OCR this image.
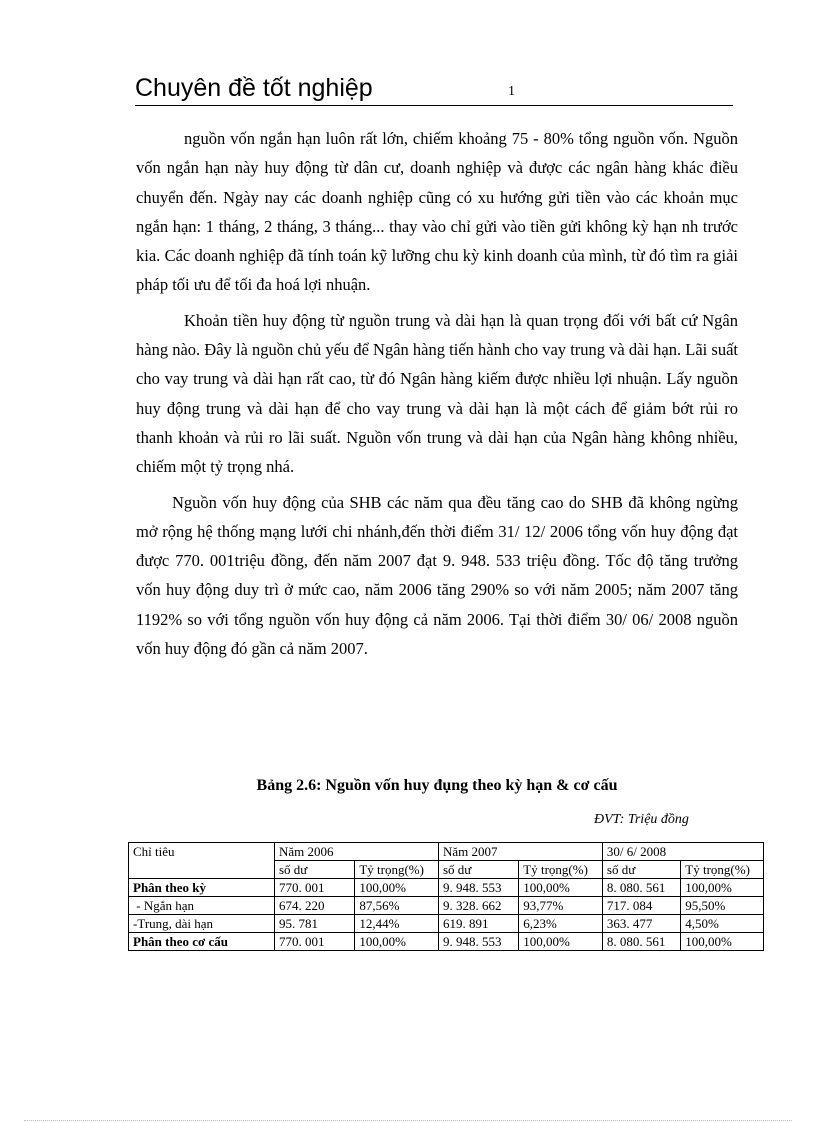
Chuyên đề tốt nghiệp	1

nguồn vốn ngắn hạn luôn rất lớn, chiếm khoảng 75 - 80% tổng nguồn vốn. Nguồn vốn ngắn hạn này huy động từ dân cư, doanh nghiệp và được các ngân hàng khác điều chuyển đến. Ngày nay các doanh nghiệp cũng có xu hướng gửi tiền vào các khoản mục ngắn hạn: 1 tháng, 2 tháng, 3 tháng... thay vào chỉ gửi vào tiền gửi không kỳ hạn nh trước kia. Các doanh nghiệp đã tính toán kỹ lưỡng chu kỳ kinh doanh của mình, từ đó tìm ra giải pháp tối ưu để tối đa hoá lợi nhuận.

Khoản tiền huy động từ nguồn trung và dài hạn là quan trọng đối với bất cứ Ngân hàng nào. Đây là nguồn chủ yếu để Ngân hàng tiến hành cho vay trung và dài hạn. Lãi suất cho vay trung và dài hạn rất cao, từ đó Ngân hàng kiếm được nhiều lợi nhuận. Lấy nguồn huy động trung và dài hạn để cho vay trung và dài hạn là một cách để giảm bớt rủi ro thanh khoản và rủi ro lãi suất. Nguồn vốn trung và dài hạn của Ngân hàng không nhiều, chiếm một tỷ trọng nhá.

Nguồn vốn huy động của SHB các năm qua đều tăng cao do SHB đã không ngừng mở rộng hệ thống mạng lưới chi nhánh,đến thời điểm 31/ 12/ 2006 tổng vốn huy động đạt được 770. 001triệu đồng, đến năm 2007 đạt 9. 948. 533 triệu đồng. Tốc độ tăng trưởng vốn huy động duy trì ở mức cao, năm 2006 tăng 290% so với năm 2005; năm 2007 tăng 1192% so với tổng nguồn vốn huy động cả năm 2006. Tại thời điểm 30/ 06/ 2008 nguồn vốn huy động đó gần cả năm 2007.

Bảng 2.6: Nguồn vốn huy đụng theo kỳ hạn & cơ cấu
ĐVT: Triệu đồng
Chỉ tiêu	Năm 2006		Năm 2007		30/ 6/ 2008	
	số dư	Tỷ trọng(%)	số dư	Tỷ trọng(%)	số dư	Tỷ trọng(%)
Phân theo kỳ	770. 001	100,00%	9. 948. 553	100,00%	8. 080. 561	100,00%
- Ngắn hạn	674. 220	87,56%	9. 328. 662	93,77%	717. 084	95,50%
-Trung, dài hạn	95. 781	12,44%	619. 891	6,23%	363. 477	4,50%
Phân theo cơ cấu	770. 001	100,00%	9. 948. 553	100,00%	8. 080. 561	100,00%
